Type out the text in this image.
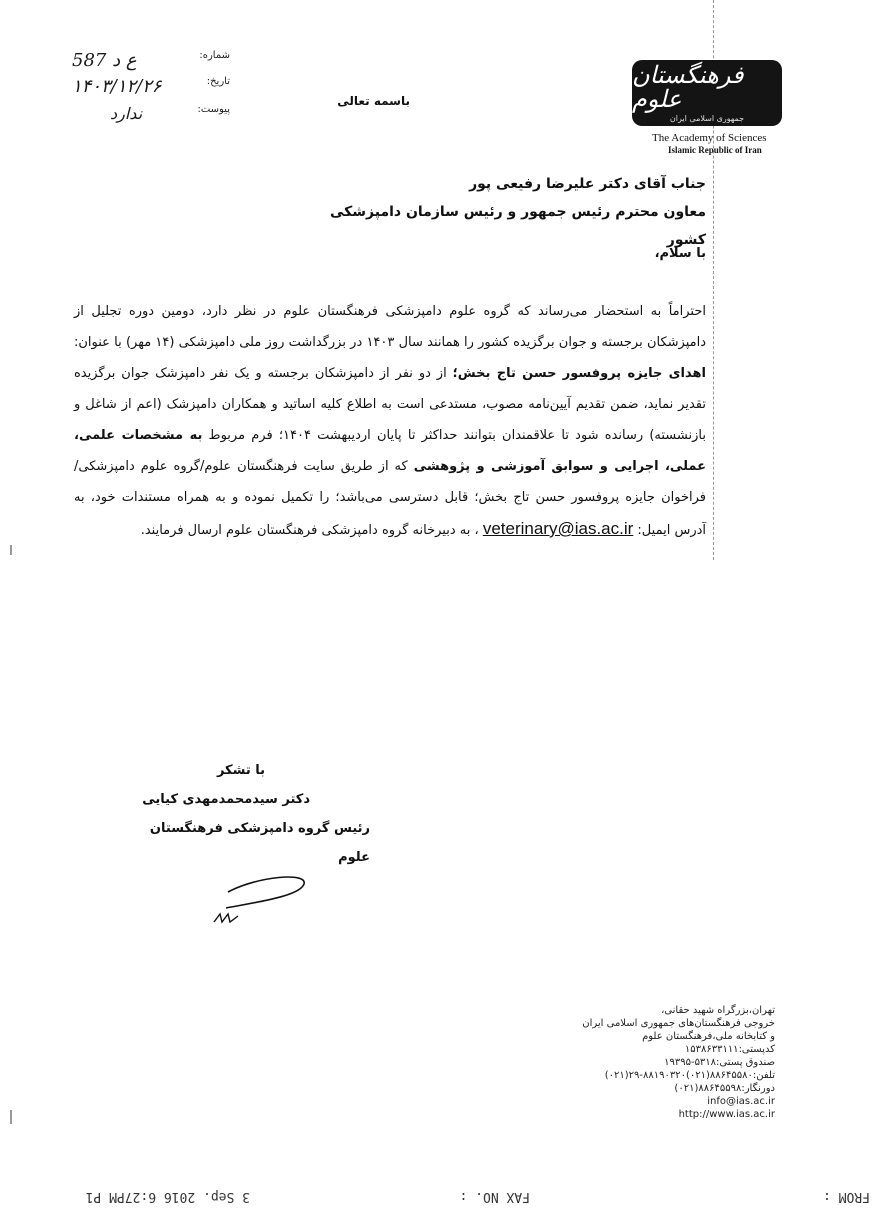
شماره:
587 ع د
تاریخ:
۱۴۰۳/۱۲/۲۶
پیوست:
ندارد
باسمه تعالی
فرهنگستان علوم
جمهوری اسلامی ایران
The Academy of Sciences
Islamic Republic of Iran
جناب آقای دکتر علیرضا رفیعی پور
معاون محترم رئیس جمهور و رئیس سازمان دامپزشکی کشور
با سلام،
احتراماً به استحضار می‌رساند که گروه علوم دامپزشکی فرهنگستان علوم در نظر دارد، دومین دوره تجلیل از دامپزشکان برجسته و جوان برگزیده کشور را همانند سال ۱۴۰۳ در بزرگداشت روز ملی دامپزشکی (۱۴ مهر) با عنوان: اهدای جایزه پروفسور حسن تاج بخش؛ از دو نفر از دامپزشکان برجسته و یک نفر دامپزشک جوان برگزیده تقدیر نماید، ضمن تقدیم آیین‌نامه مصوب، مستدعی است به اطلاع کلیه اساتید و همکاران دامپزشک (اعم از شاغل و بازنشسته) رسانده شود تا علاقمندان بتوانند حداکثر تا پایان اردیبهشت ۱۴۰۴؛ فرم مربوط به مشخصات علمی، عملی، اجرایی و سوابق آموزشی و پژوهشی که از طریق سایت فرهنگستان علوم/گروه علوم دامپزشکی/ فراخوان جایزه پروفسور حسن تاج بخش؛ قابل دسترسی می‌باشد؛ را تکمیل نموده و به همراه مستندات خود، به آدرس ایمیل: veterinary@ias.ac.ir ، به دبیرخانه گروه دامپزشکی فرهنگستان علوم ارسال فرمایند.
با تشکر
دکتر سیدمحمدمهدی کیایی
رئیس گروه دامپزشکی فرهنگستان علوم
تهران،بزرگراه شهید حقانی،
خروجی فرهنگستان‌های جمهوری اسلامی ایران
و کتابخانه ملی،فرهنگستان علوم
کدپستی:۱۵۳۸۶۳۳۱۱۱
صندوق پستی:۵۳۱۸-۱۹۳۹۵
تلفن:۸۸۶۴۵۵۸۰(۰۲۱)۸۸۱۹۰۳۲۰-۲۹(۰۲۱)
دورنگار:۸۸۶۴۵۵۹۸(۰۲۱)
info@ias.ac.ir
http://www.ias.ac.ir
FROM :
FAX NO. :
3 Sep. 2016 6:27PM P1
